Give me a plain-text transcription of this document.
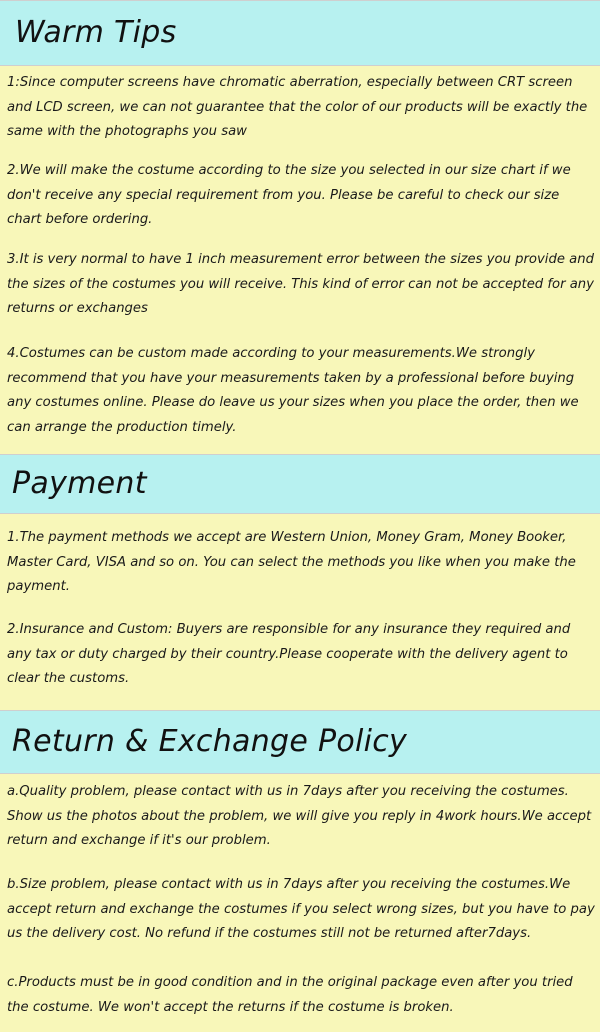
Warm Tips

1:Since computer screens have chromatic aberration, especially between CRT screen and LCD screen, we can not guarantee that the color of our products will be exactly the same with the photographs you saw

2.We will make the costume according to the size you selected in our size chart if we don't receive any special requirement from you. Please be careful to check our size chart before ordering.

3.It is very normal to have 1 inch measurement error between the sizes you provide and the sizes of the costumes you will receive. This kind of error can not be accepted for any returns or exchanges

4.Costumes can be custom made according to your measurements.We strongly recommend that you have your measurements taken by a professional before buying any costumes online. Please do leave us your sizes when you place the order, then we can arrange the production timely.

Payment

1.The payment methods we accept are Western Union, Money Gram, Money Booker, Master Card, VISA and so on. You can select the methods you like when you make the payment.

2.Insurance and Custom: Buyers are responsible for any insurance they required and any tax or duty charged by their country.Please cooperate with the delivery agent to clear the customs.

Return & Exchange Policy

a.Quality problem, please contact with us in 7days after you receiving the costumes. Show us the photos about the problem, we will give you reply in 4work hours.We accept return and exchange if it's our problem.

b.Size problem, please contact with us in 7days after you receiving the costumes.We accept return and exchange the costumes if you select wrong sizes, but you have to pay us the delivery cost. No refund if the costumes still not be returned after7days.

c.Products must be in good condition and in the original package even after you tried the costume. We won't accept the returns if the costume is broken.
